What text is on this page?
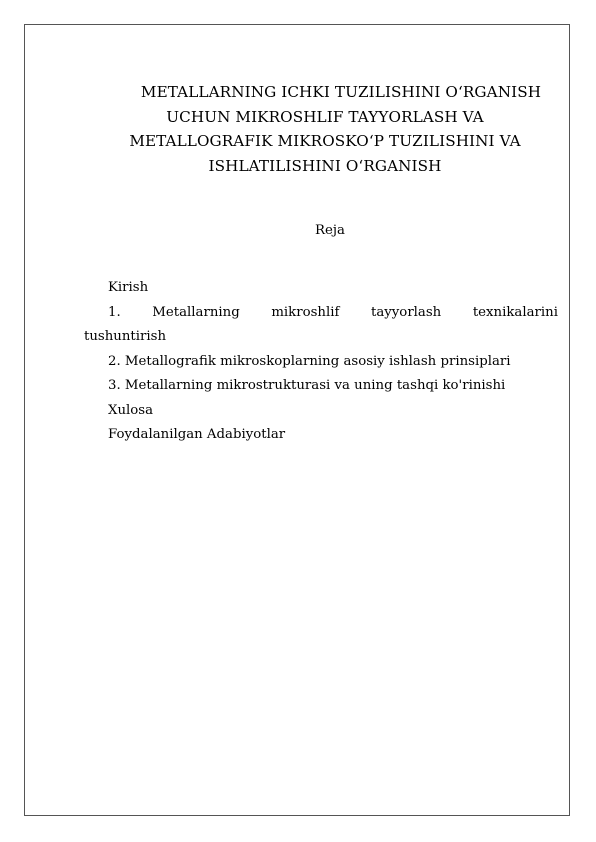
METALLARNING ICHKI TUZILISHINI O‘RGANISH
UCHUN MIKROSHLIF TAYYORLASH VA
METALLOGRAFIK MIKROSKO‘P TUZILISHINI VA
ISHLATILISHINI O‘RGANISH
Reja
Kirish
1. Metallarning mikroshlif tayyorlash texnikalarini
tushuntirish
2. Metallografik mikroskoplarning asosiy ishlash prinsiplari
3. Metallarning mikrostrukturasi va uning tashqi ko'rinishi
Xulosa
Foydalanilgan Adabiyotlar
